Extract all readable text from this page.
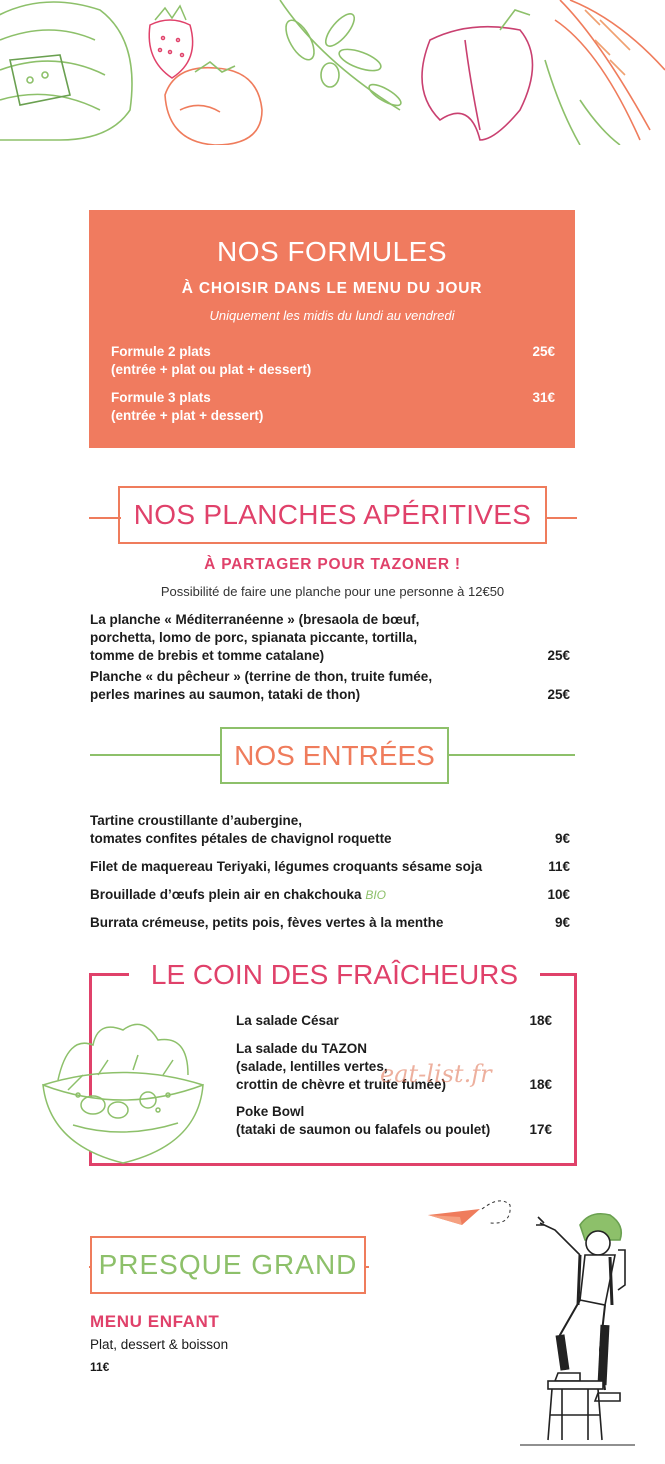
NOS FORMULES
À CHOISIR DANS LE MENU DU JOUR
Uniquement les midis du lundi au vendredi
Formule 2 plats
(entrée + plat ou plat + dessert)
25€
Formule 3 plats
(entrée + plat + dessert)
31€
NOS PLANCHES APÉRITIVES
À PARTAGER POUR TAZONER !
Possibilité de faire une planche pour une personne à 12€50
La planche « Méditerranéenne » (bresaola de bœuf,
porchetta, lomo de porc, spianata piccante, tortilla,
tomme de brebis et tomme catalane)	25€
Planche « du pêcheur » (terrine de thon, truite fumée,
perles marines au saumon, tataki de thon)	25€
NOS ENTRÉES
Tartine croustillante d’aubergine,
tomates confites pétales de chavignol roquette	9€
Filet de maquereau Teriyaki, légumes croquants sésame soja	11€
Brouillade d’œufs plein air en chakchouka BIO	10€
Burrata crémeuse, petits pois, fèves vertes à la menthe	9€
LE COIN DES FRAÎCHEURS
La salade César	18€
La salade du TAZON
(salade, lentilles vertes,
crottin de chèvre et truite fumée)	18€
Poke Bowl
(tataki de saumon ou falafels ou poulet)	17€
eat-list.fr
PRESQUE GRAND
MENU ENFANT
Plat, dessert & boisson
11€
